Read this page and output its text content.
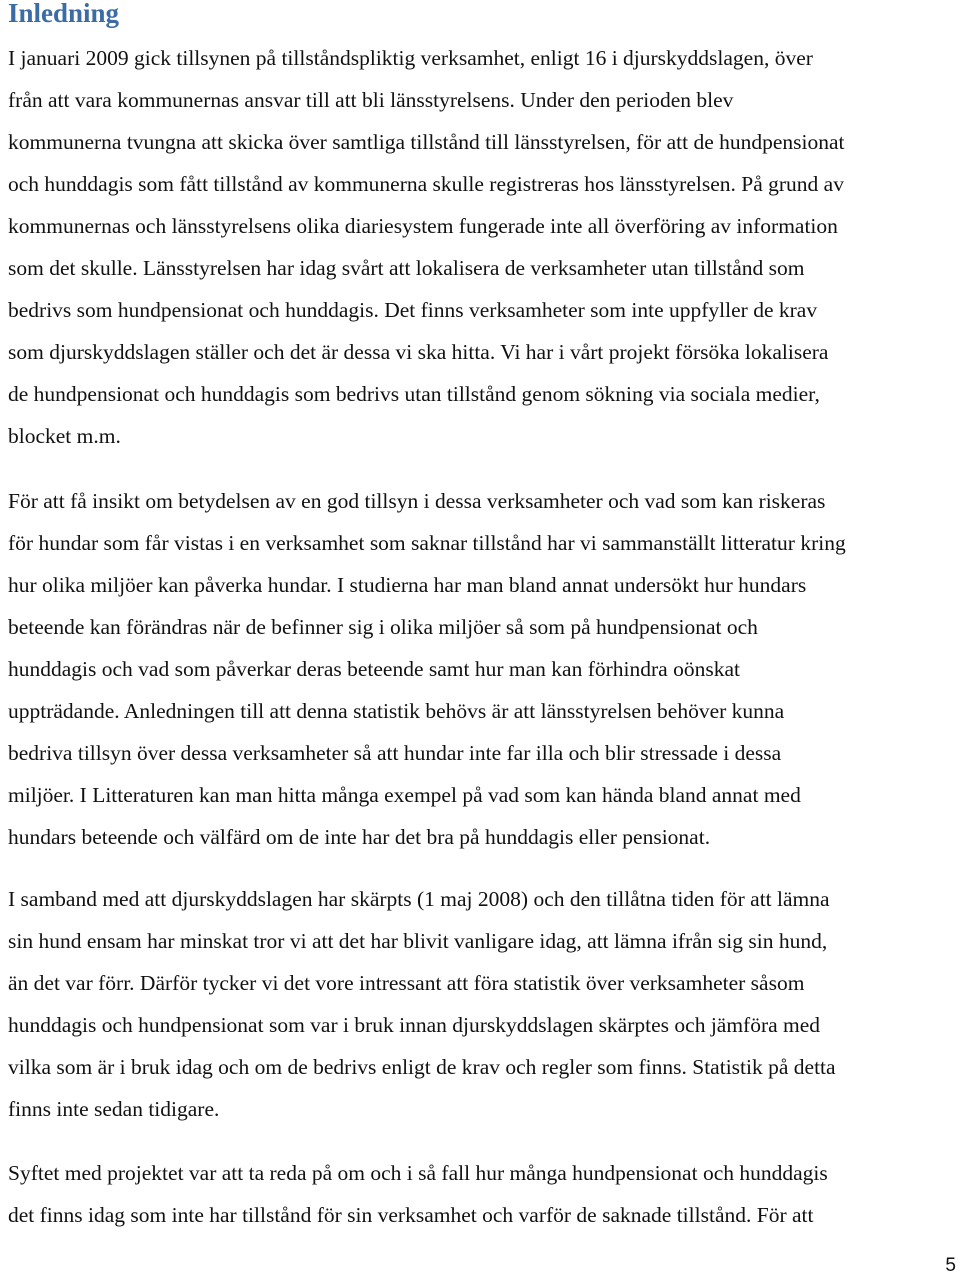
Inledning

I januari 2009 gick tillsynen på tillståndspliktig verksamhet, enligt 16 i djurskyddslagen, över
från att vara kommunernas ansvar till att bli länsstyrelsens. Under den perioden blev
kommunerna tvungna att skicka över samtliga tillstånd till länsstyrelsen, för att de hundpensionat
och hunddagis som fått tillstånd av kommunerna skulle registreras hos länsstyrelsen. På grund av
kommunernas och länsstyrelsens olika diariesystem fungerade inte all överföring av information
som det skulle. Länsstyrelsen har idag svårt att lokalisera de verksamheter utan tillstånd som
bedrivs som hundpensionat och hunddagis. Det finns verksamheter som inte uppfyller de krav
som djurskyddslagen ställer och det är dessa vi ska hitta. Vi har i vårt projekt försöka lokalisera
de hundpensionat och hunddagis som bedrivs utan tillstånd genom sökning via sociala medier,
blocket m.m.

För att få insikt om betydelsen av en god tillsyn i dessa verksamheter och vad som kan riskeras
för hundar som får vistas i en verksamhet som saknar tillstånd har vi sammanställt litteratur kring
hur olika miljöer kan påverka hundar. I studierna har man bland annat undersökt hur hundars
beteende kan förändras när de befinner sig i olika miljöer så som på hundpensionat och
hunddagis och vad som påverkar deras beteende samt hur man kan förhindra oönskat
uppträdande. Anledningen till att denna statistik behövs är att länsstyrelsen behöver kunna
bedriva tillsyn över dessa verksamheter så att hundar inte far illa och blir stressade i dessa
miljöer. I Litteraturen kan man hitta många exempel på vad som kan hända bland annat med
hundars beteende och välfärd om de inte har det bra på hunddagis eller pensionat.

I samband med att djurskyddslagen har skärpts (1 maj 2008) och den tillåtna tiden för att lämna
sin hund ensam har minskat tror vi att det har blivit vanligare idag, att lämna ifrån sig sin hund,
än det var förr. Därför tycker vi det vore intressant att föra statistik över verksamheter såsom
hunddagis och hundpensionat som var i bruk innan djurskyddslagen skärptes och jämföra med
vilka som är i bruk idag och om de bedrivs enligt de krav och regler som finns. Statistik på detta
finns inte sedan tidigare.

Syftet med projektet var att ta reda på om och i så fall hur många hundpensionat och hunddagis
det finns idag som inte har tillstånd för sin verksamhet och varför de saknade tillstånd. För att

5
